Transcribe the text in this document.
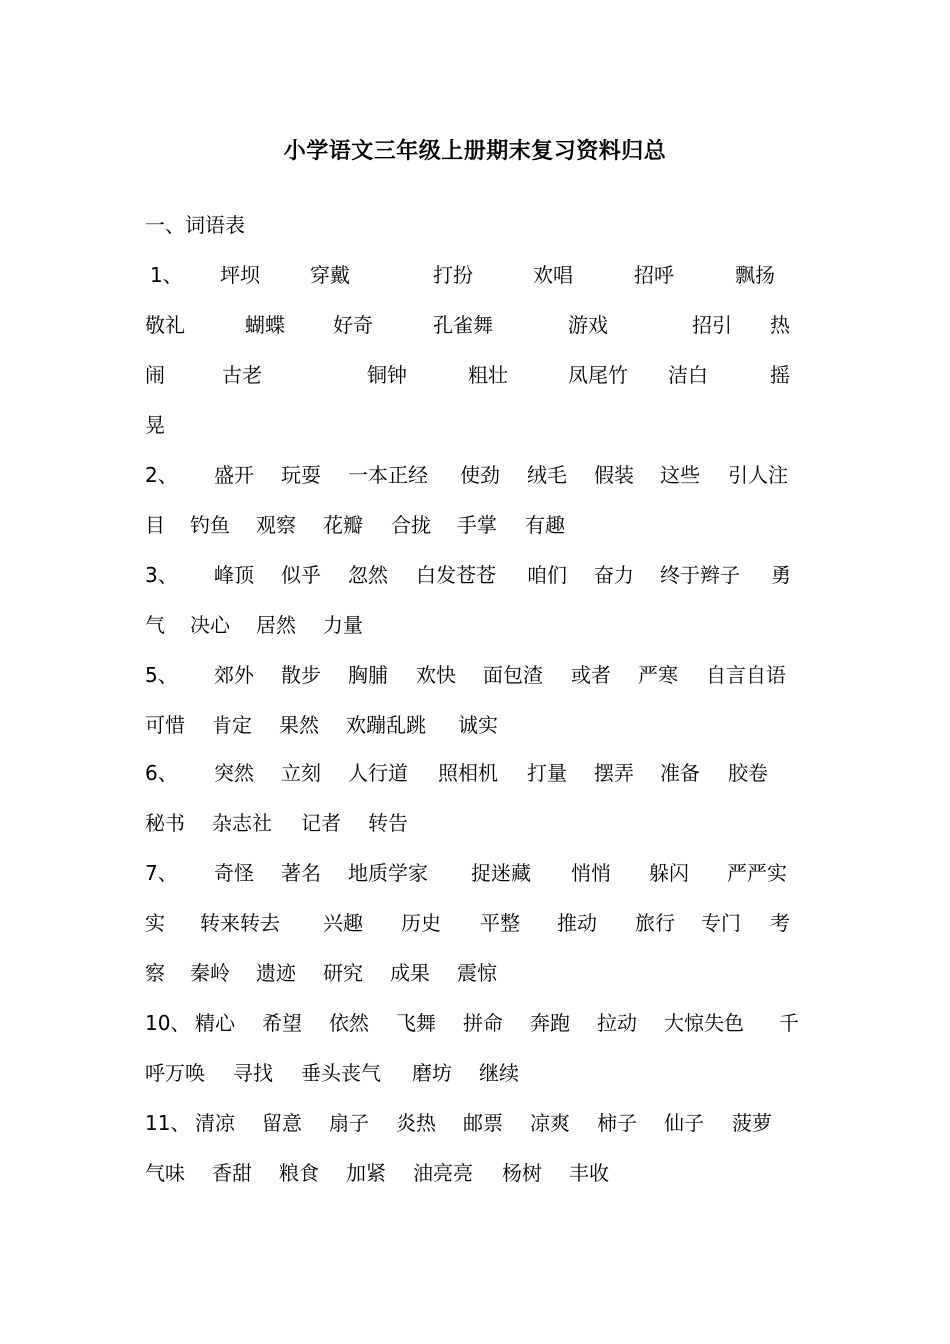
小学语文三年级上册期末复习资料归总
一、词语表
1、 坪坝	穿戴	打扮	欢唱	招呼	飘扬
敬礼	蝴蝶 好奇	孔雀舞	游戏	招引 热
闹	古老	铜钟	粗壮	凤尾竹 洁白	摇
晃
2、 盛开 玩耍 一本正经 使劲 绒毛 假装 这些 引人注
目 钓鱼 观察 花瓣 合拢 手掌 有趣
3、 峰顶 似乎 忽然 白发苍苍 咱们 奋力 终于辫子 勇
气 决心 居然 力量
5、 郊外 散步 胸脯 欢快 面包渣 或者 严寒 自言自语
可惜 肯定 果然 欢蹦乱跳 诚实
6、 突然 立刻 人行道 照相机 打量 摆弄 准备 胶卷
秘书 杂志社 记者 转告
7、 奇怪 著名 地质学家 捉迷藏 悄悄 躲闪 严严实
实 转来转去 兴趣 历史 平整 推动 旅行 专门 考
察 秦岭 遗迹 研究 成果 震惊
10、 精心 希望 依然 飞舞 拼命 奔跑 拉动 大惊失色 千
呼万唤 寻找 垂头丧气 磨坊 继续
11、 清凉 留意 扇子 炎热 邮票 凉爽 柿子 仙子 菠萝
气味 香甜 粮食 加紧 油亮亮 杨树 丰收
